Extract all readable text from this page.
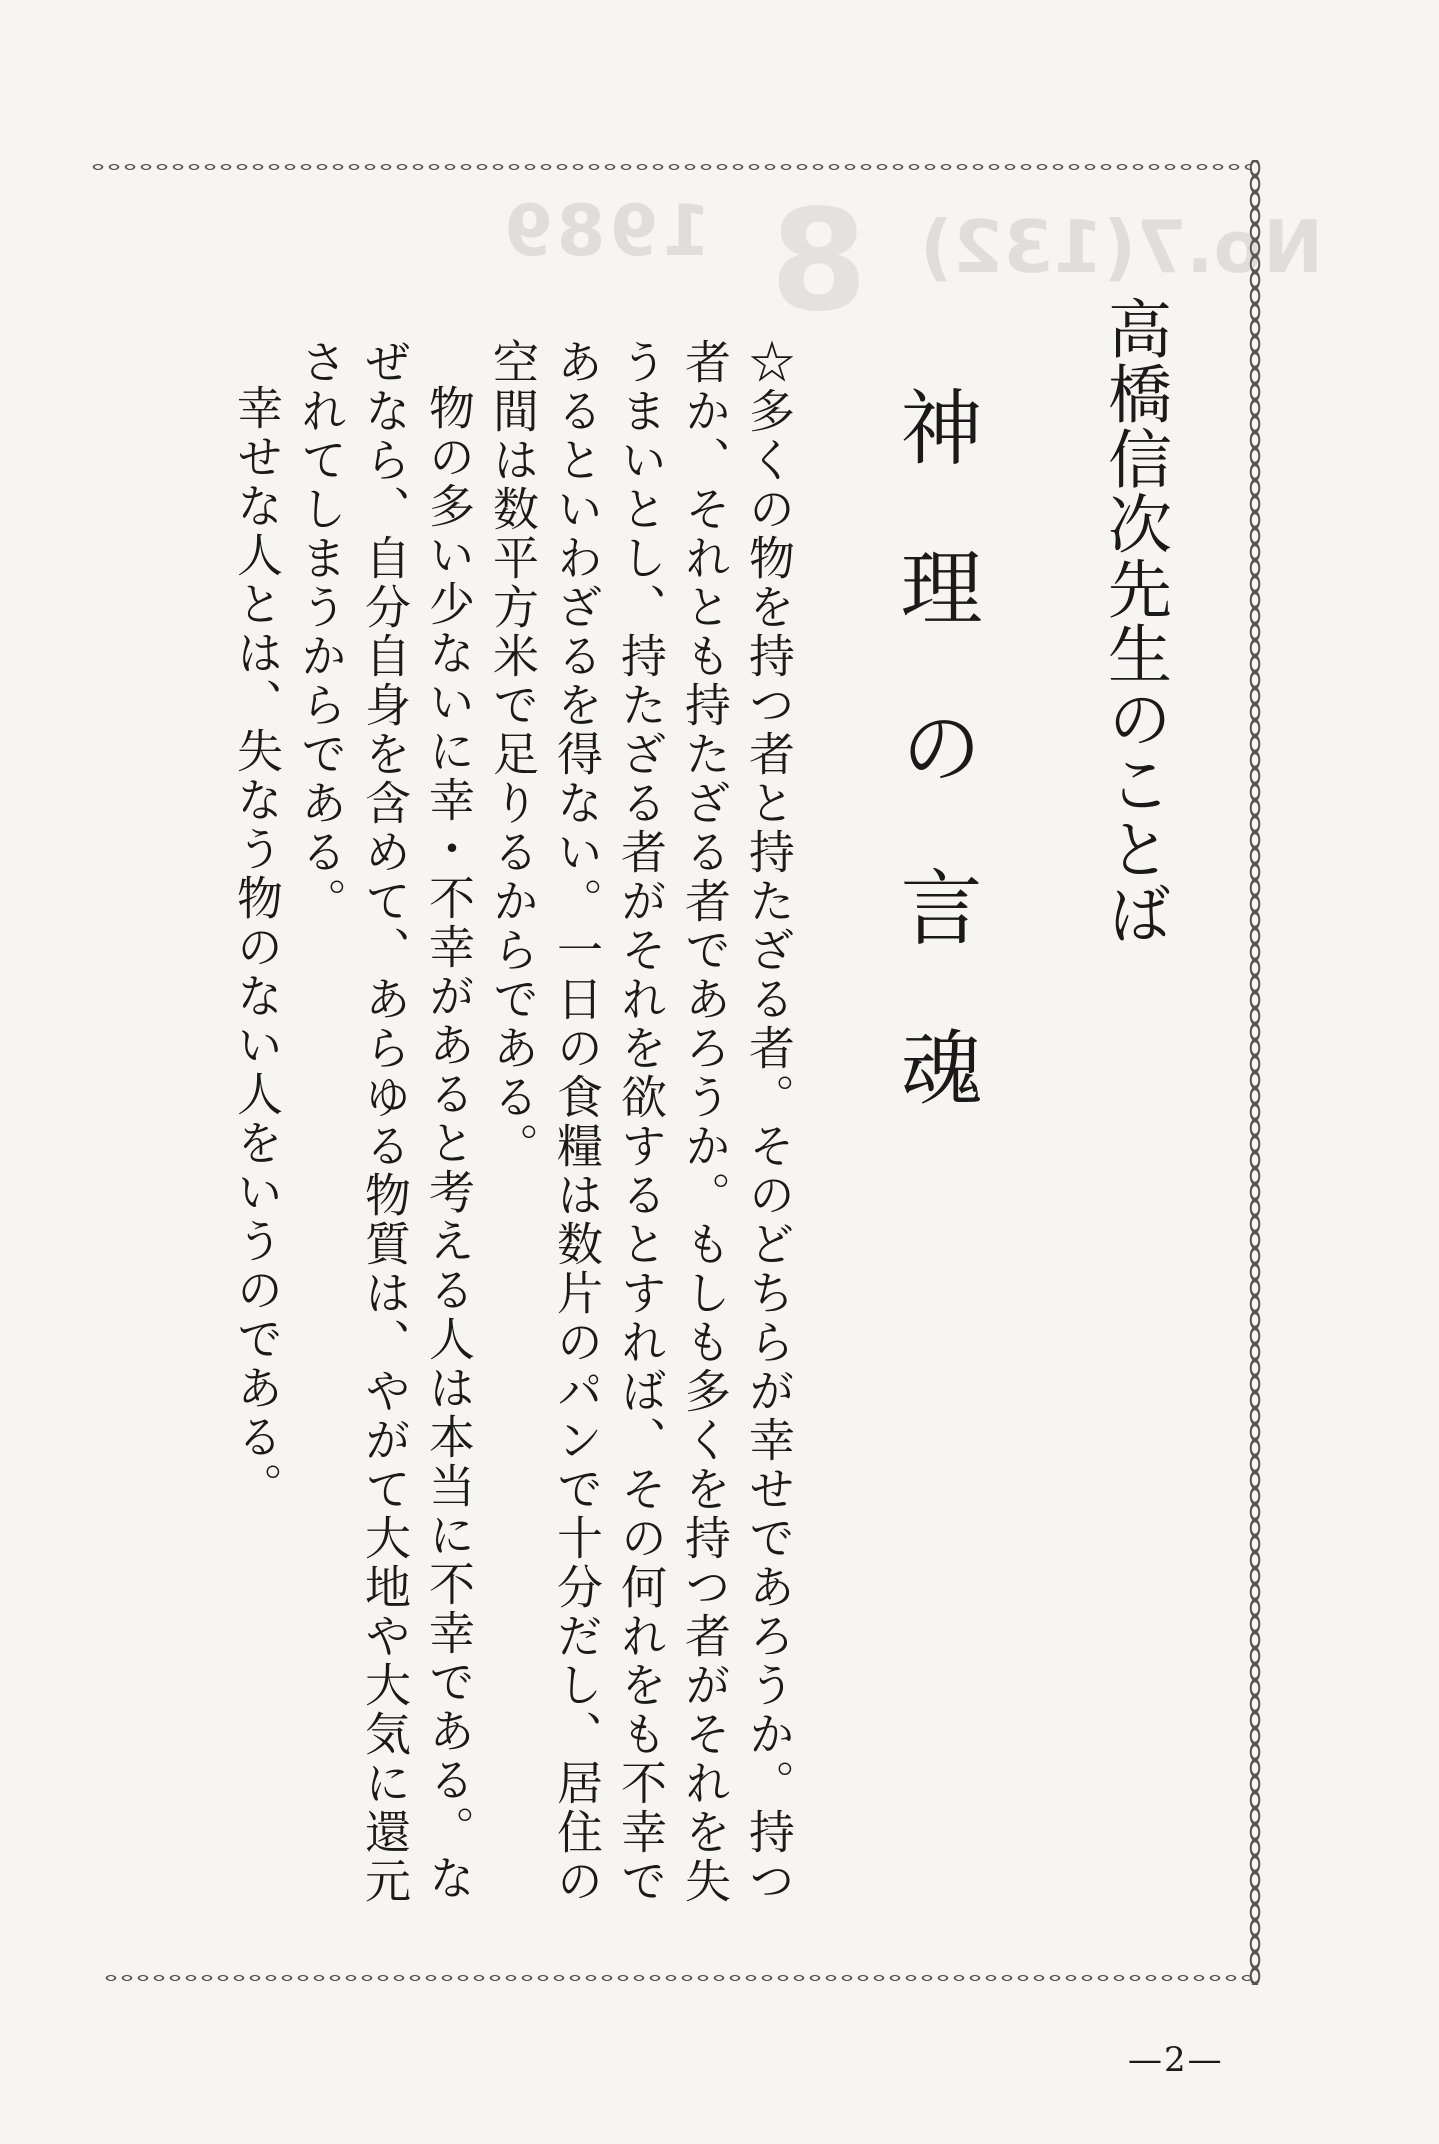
1989 8 No.7(132)
高橋信次先生のことば
神理の言魂

☆多くの物を持つ者と持たざる者。そのどちらが幸せであろうか。持つ者か、それとも持たざる者であろうか。もしも多くを持つ者がそれを失うまいとし、持たざる者がそれを欲するとすれば、その何れをも不幸であるといわざるを得ない。一日の食糧は数片のパンで十分だし、居住の空間は数平方米で足りるからである。

物の多い少ないに幸・不幸があると考える人は本当に不幸である。なぜなら、自分自身を含めて、あらゆる物質は、やがて大地や大気に還元されてしまうからである。

幸せな人とは、失なう物のない人をいうのである。

—2—
